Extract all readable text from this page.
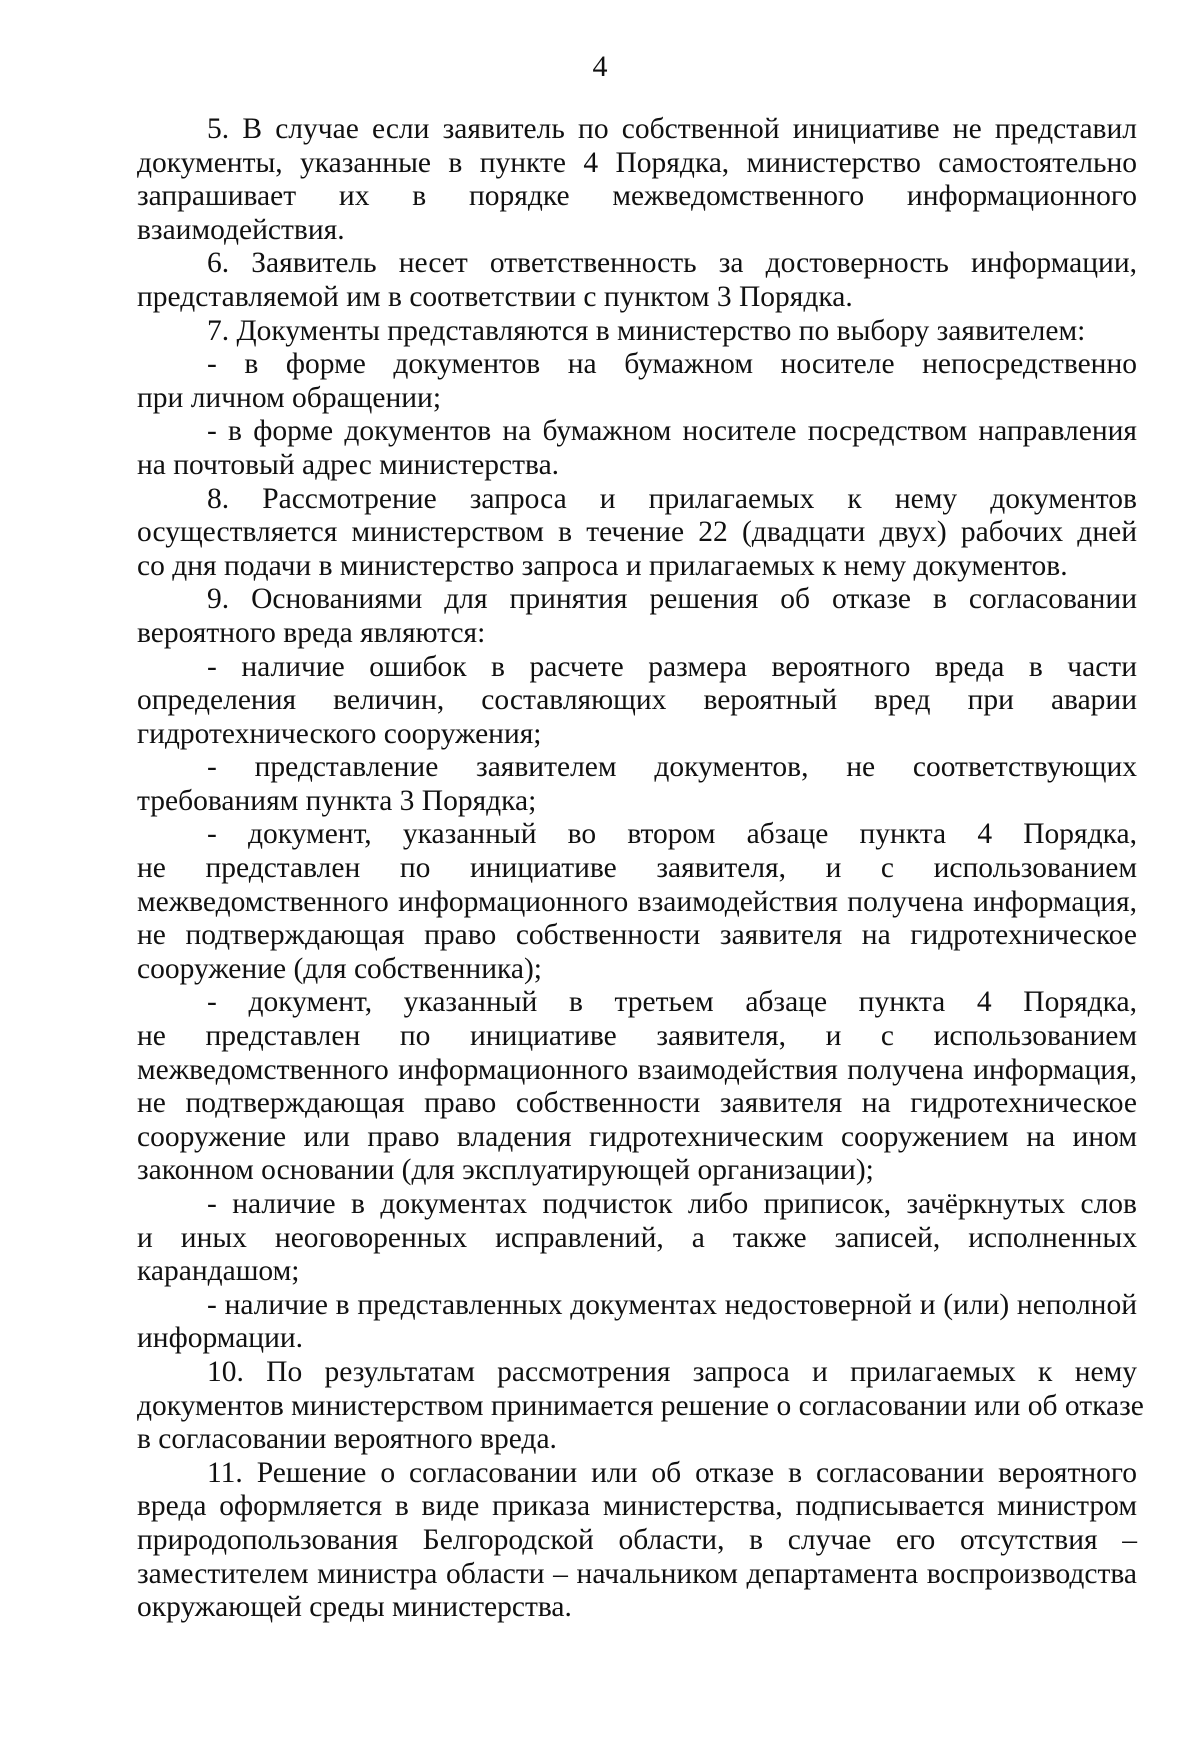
4
5. В случае если заявитель по собственной инициативе не представил
документы, указанные в пункте 4 Порядка, министерство самостоятельно
запрашивает их в порядке межведомственного информационного
взаимодействия.
6. Заявитель несет ответственность за достоверность информации,
представляемой им в соответствии с пунктом 3 Порядка.
7. Документы представляются в министерство по выбору заявителем:
- в форме документов на бумажном носителе непосредственно
при личном обращении;
- в форме документов на бумажном носителе посредством направления
на почтовый адрес министерства.
8. Рассмотрение запроса и прилагаемых к нему документов
осуществляется министерством в течение 22 (двадцати двух) рабочих дней
со дня подачи в министерство запроса и прилагаемых к нему документов.
9. Основаниями для принятия решения об отказе в согласовании
вероятного вреда являются:
- наличие ошибок в расчете размера вероятного вреда в части
определения величин, составляющих вероятный вред при аварии
гидротехнического сооружения;
- представление заявителем документов, не соответствующих
требованиям пункта 3 Порядка;
- документ, указанный во втором абзаце пункта 4 Порядка,
не представлен по инициативе заявителя, и с использованием
межведомственного информационного взаимодействия получена информация,
не подтверждающая право собственности заявителя на гидротехническое
сооружение (для собственника);
- документ, указанный в третьем абзаце пункта 4 Порядка,
не представлен по инициативе заявителя, и с использованием
межведомственного информационного взаимодействия получена информация,
не подтверждающая право собственности заявителя на гидротехническое
сооружение или право владения гидротехническим сооружением на ином
законном основании (для эксплуатирующей организации);
- наличие в документах подчисток либо приписок, зачёркнутых слов
и иных неоговоренных исправлений, а также записей, исполненных
карандашом;
- наличие в представленных документах недостоверной и (или) неполной
информации.
10. По результатам рассмотрения запроса и прилагаемых к нему
документов министерством принимается решение о согласовании или об отказе
в согласовании вероятного вреда.
11. Решение о согласовании или об отказе в согласовании вероятного
вреда оформляется в виде приказа министерства, подписывается министром
природопользования Белгородской области, в случае его отсутствия –
заместителем министра области – начальником департамента воспроизводства
окружающей среды министерства.
